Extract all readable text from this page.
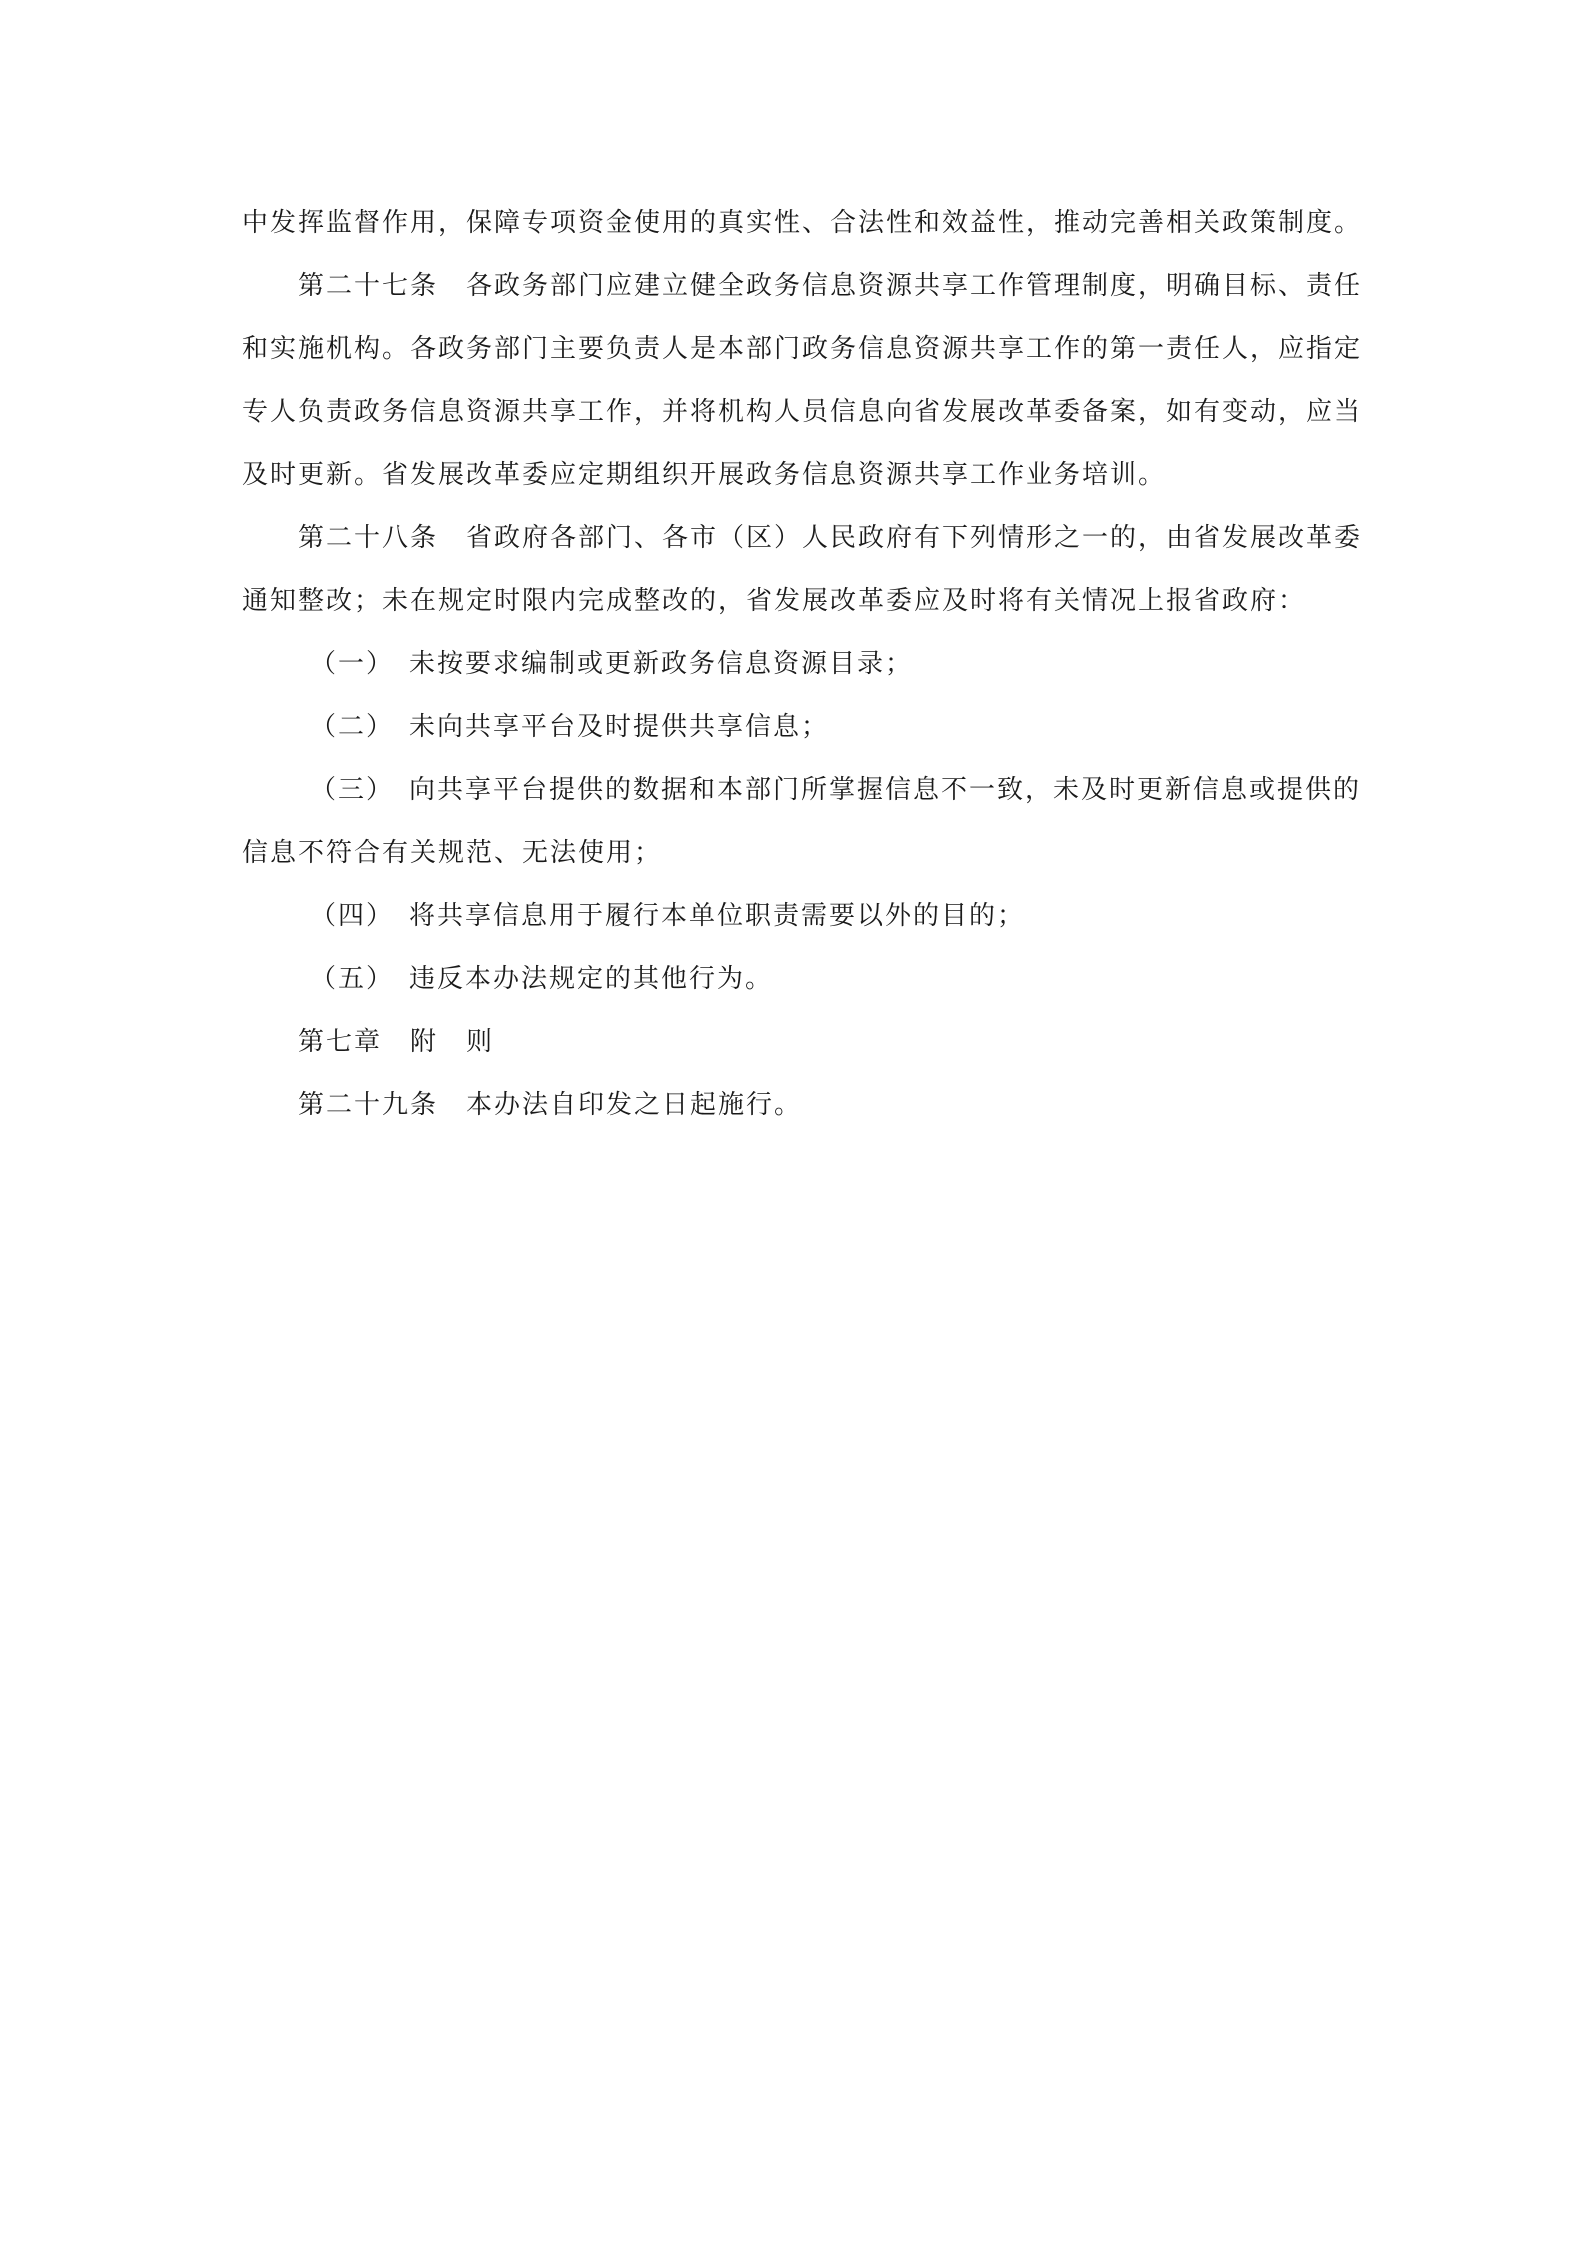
中发挥监督作用，保障专项资金使用的真实性、合法性和效益性，推动完善相关政策制度。
第二十七条　各政务部门应建立健全政务信息资源共享工作管理制度，明确目标、责任
和实施机构。各政务部门主要负责人是本部门政务信息资源共享工作的第一责任人，应指定
专人负责政务信息资源共享工作，并将机构人员信息向省发展改革委备案，如有变动，应当
及时更新。省发展改革委应定期组织开展政务信息资源共享工作业务培训。
第二十八条　省政府各部门、各市（区）人民政府有下列情形之一的，由省发展改革委
通知整改；未在规定时限内完成整改的，省发展改革委应及时将有关情况上报省政府：
（一）　未按要求编制或更新政务信息资源目录；
（二）　未向共享平台及时提供共享信息；
（三）　向共享平台提供的数据和本部门所掌握信息不一致，未及时更新信息或提供的
信息不符合有关规范、无法使用；
（四）　将共享信息用于履行本单位职责需要以外的目的；
（五）　违反本办法规定的其他行为。
第七章　附　则
第二十九条　本办法自印发之日起施行。
